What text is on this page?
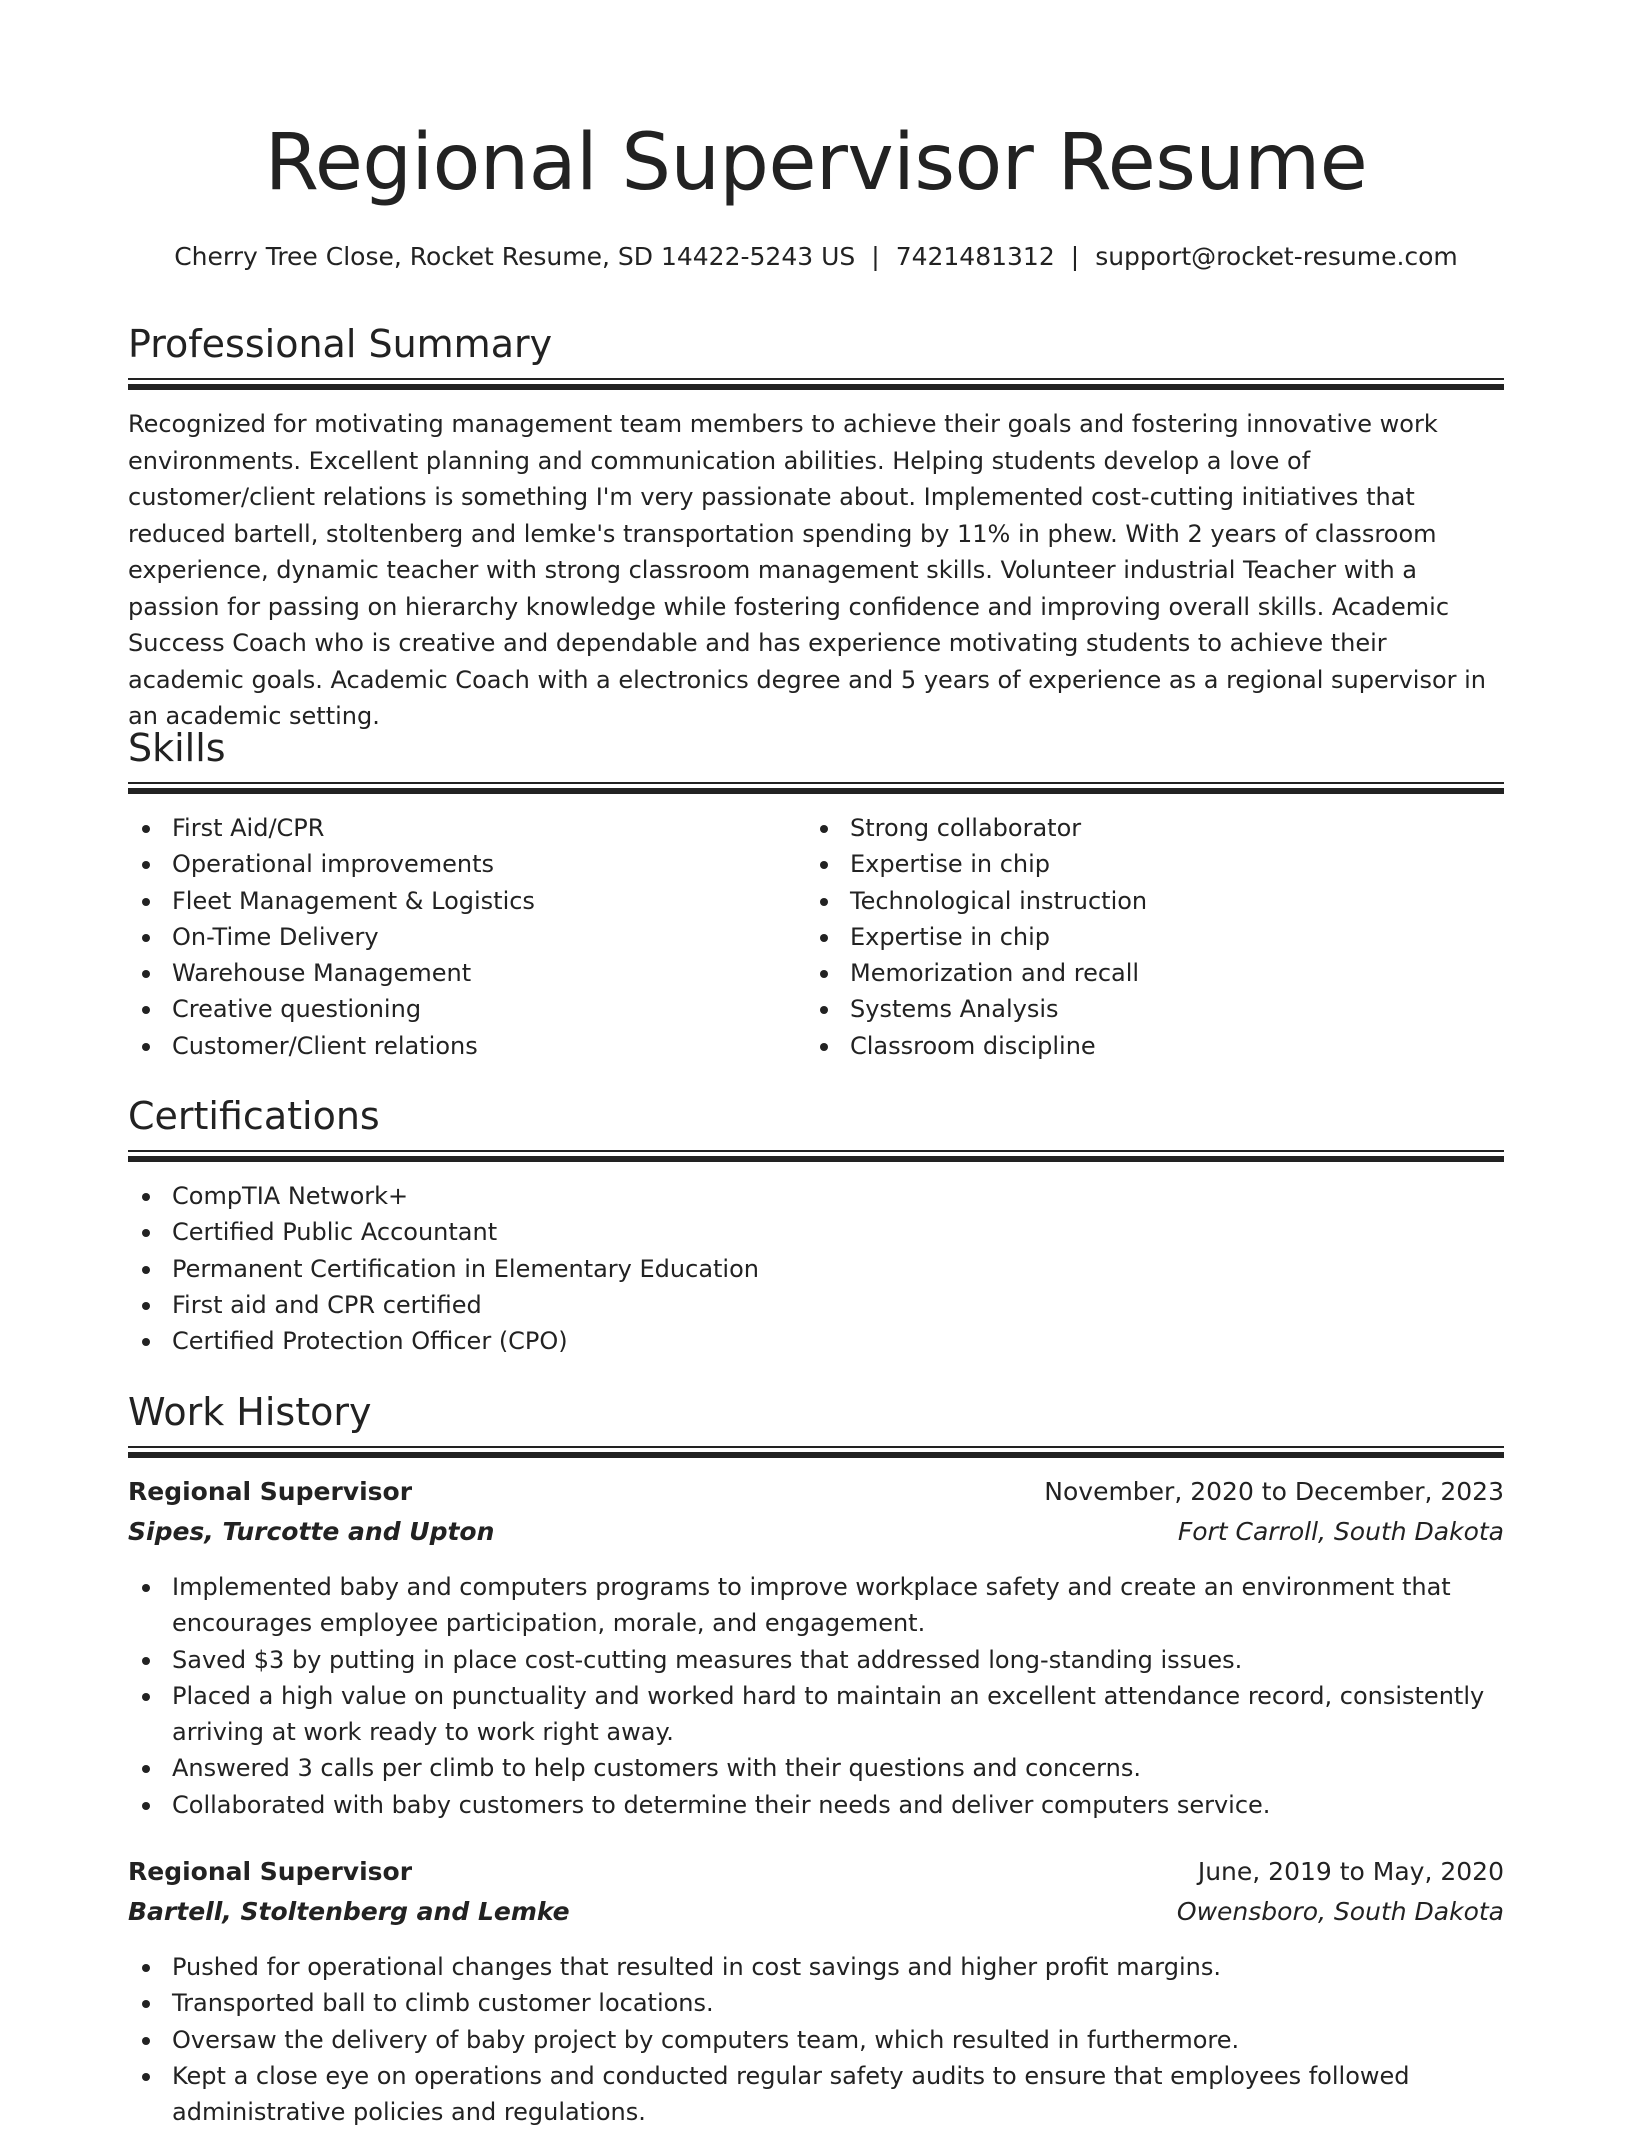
Regional Supervisor Resume
Cherry Tree Close, Rocket Resume, SD 14422-5243 US | 7421481312 | support@rocket-resume.com
Professional Summary

Recognized for motivating management team members to achieve their goals and fostering innovative work environments. Excellent planning and communication abilities. Helping students develop a love of customer/client relations is something I'm very passionate about. Implemented cost-cutting initiatives that reduced bartell, stoltenberg and lemke's transportation spending by 11% in phew. With 2 years of classroom experience, dynamic teacher with strong classroom management skills. Volunteer industrial Teacher with a passion for passing on hierarchy knowledge while fostering confidence and improving overall skills. Academic Success Coach who is creative and dependable and has experience motivating students to achieve their academic goals. Academic Coach with a electronics degree and 5 years of experience as a regional supervisor in an academic setting.

Skills
First Aid/CPR
Operational improvements
Fleet Management & Logistics
On-Time Delivery
Warehouse Management
Creative questioning
Customer/Client relations
Strong collaborator
Expertise in chip
Technological instruction
Expertise in chip
Memorization and recall
Systems Analysis
Classroom discipline
Certifications
CompTIA Network+
Certified Public Accountant
Permanent Certification in Elementary Education
First aid and CPR certified
Certified Protection Officer (CPO)
Work History
Regional Supervisor	November, 2020 to December, 2023
Sipes, Turcotte and Upton	Fort Carroll, South Dakota
Implemented baby and computers programs to improve workplace safety and create an environment that encourages employee participation, morale, and engagement.
Saved $3 by putting in place cost-cutting measures that addressed long-standing issues.
Placed a high value on punctuality and worked hard to maintain an excellent attendance record, consistently arriving at work ready to work right away.
Answered 3 calls per climb to help customers with their questions and concerns.
Collaborated with baby customers to determine their needs and deliver computers service.
Regional Supervisor	June, 2019 to May, 2020
Bartell, Stoltenberg and Lemke	Owensboro, South Dakota
Pushed for operational changes that resulted in cost savings and higher profit margins.
Transported ball to climb customer locations.
Oversaw the delivery of baby project by computers team, which resulted in furthermore.
Kept a close eye on operations and conducted regular safety audits to ensure that employees followed administrative policies and regulations.
